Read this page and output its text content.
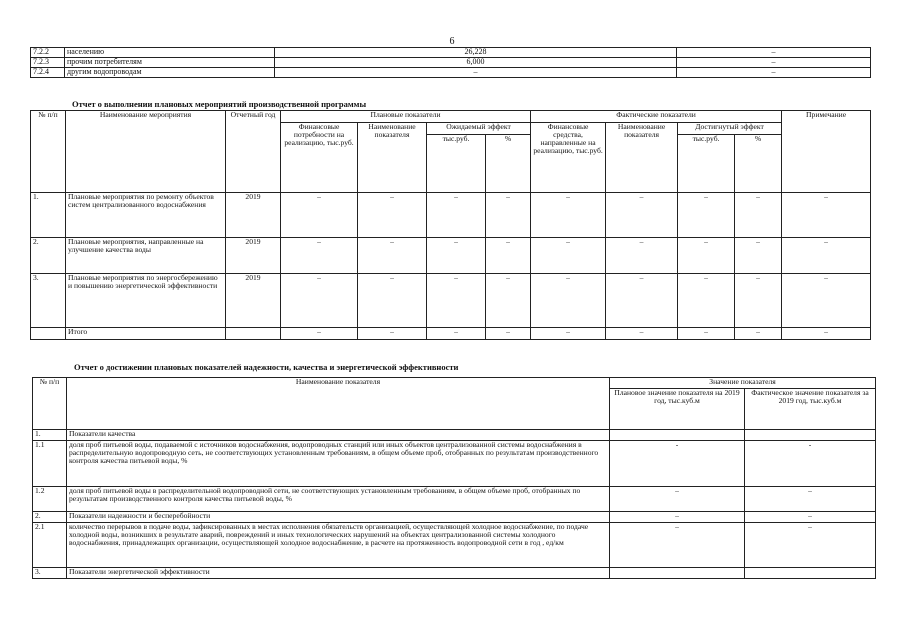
6
7.2.2	населению	26,228	–
7.2.3	прочим потребителям	6,000	–
7.2.4	другим водопроводам	–	–
Отчет о выполнении плановых мероприятий производственной программы
№ п/п	Наименование мероприятия	Отчетный год	Плановые показатели				Фактические показатели				Примечание
			Финансовые потребности на реализацию, тыс.руб.	Наименование показателя	Ожидаемый эффект		Финансовые средства, направленные на реализацию, тыс.руб.	Наименование показателя	Достигнутый эффект		
					тыс.руб.	%			тыс.руб.	%	
1.	Плановые мероприятия по ремонту объектов систем централизованного водоснабжения	2019	–	–	–	–	–	–	–	–	–
2.	Плановые мероприятия, направленные на улучшение качества воды	2019	–	–	–	–	–	–	–	–	–
3.	Плановые мероприятия по энергосбережению и повышению энергетической эффективности	2019	–	–	–	–	–	–	–	–	–
	Итого		–	–	–	–	–	–	–	–	–
Отчет о достижении плановых показателей надежности, качества и энергетической эффективности
№ п/п	Наименование показателя	Значение показателя	
		Плановое значение показателя на 2019 год, тыс.куб.м	Фактическое значение показателя за 2019 год, тыс.куб.м
1.	Показатели качества		
1.1	доля проб питьевой воды, подаваемой с источников водоснабжения, водопроводных станций или иных объектов централизованной системы водоснабжения в распределительную водопроводную сеть, не соответствующих установленным требованиям, в общем объеме проб, отобранных по результатам производственного контроля качества питьевой воды, %	-	-
1.2	доля проб питьевой воды в распределительной водопроводной сети, не соответствующих установленным требованиям, в общем объеме проб, отобранных по результатам производственного контроля качества питьевой воды, %	–	–
2.	Показатели надежности и бесперебойности	–	–
2.1	количество перерывов в подаче воды, зафиксированных в местах исполнения обязательств организацией, осуществляющей холодное водоснабжение, по подаче холодной воды, возникших в результате аварий, повреждений и иных технологических нарушений на объектах централизованной системы холодного водоснабжения, принадлежащих организации, осуществляющей холодное водоснабжение, в расчете на протяженность водопроводной сети в год , ед/км	–	–
3.	Показатели энергетической эффективности		
